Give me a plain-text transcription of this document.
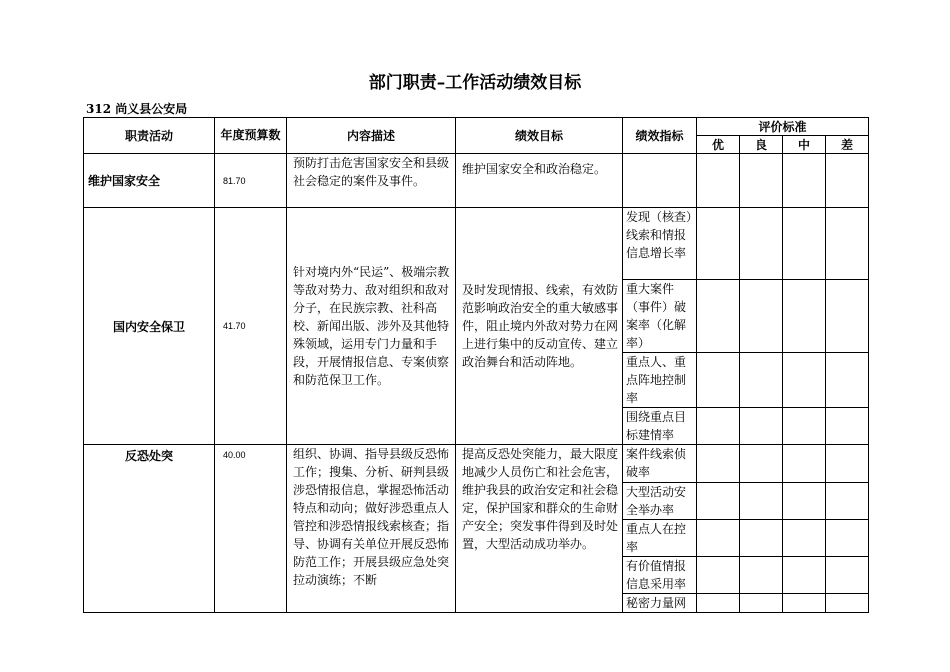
部门职责–工作活动绩效目标
312 尚义县公安局
职责活动	年度预算数	内容描述	绩效目标	绩效指标	评价标准			
					优	良	中	差
维护国家安全	81.70	预防打击危害国家安全和县级社会稳定的案件及事件。	维护国家安全和政治稳定。					
国内安全保卫	41.70	针对境内外“民运”、极端宗教等敌对势力、敌对组织和敌对分子，在民族宗教、社科高校、新闻出版、涉外及其他特殊领域，运用专门力量和手段，开展情报信息、专案侦察和防范保卫工作。	及时发现情报、线索，有效防范影响政治安全的重大敏感事件，阻止境内外敌对势力在网上进行集中的反动宣传、建立政治舞台和活动阵地。	发现（核查）线索和情报信息增长率				
				重大案件（事件）破案率（化解率）				
				重点人、重点阵地控制率				
				围绕重点目标建情率				
反恐处突	40.00	组织、协调、指导县级反恐怖工作；搜集、分析、研判县级涉恐情报信息，掌握恐怖活动特点和动向；做好涉恐重点人管控和涉恐情报线索核查；指导、协调有关单位开展反恐怖防范工作；开展县级应急处突拉动演练；不断	提高反恐处突能力，最大限度地减少人员伤亡和社会危害，维护我县的政治安定和社会稳定，保护国家和群众的生命财产安全；突发事件得到及时处置，大型活动成功举办。	案件线索侦破率				
				大型活动安全举办率				
				重点人在控率				
				有价值情报信息采用率				
				秘密力量网				
